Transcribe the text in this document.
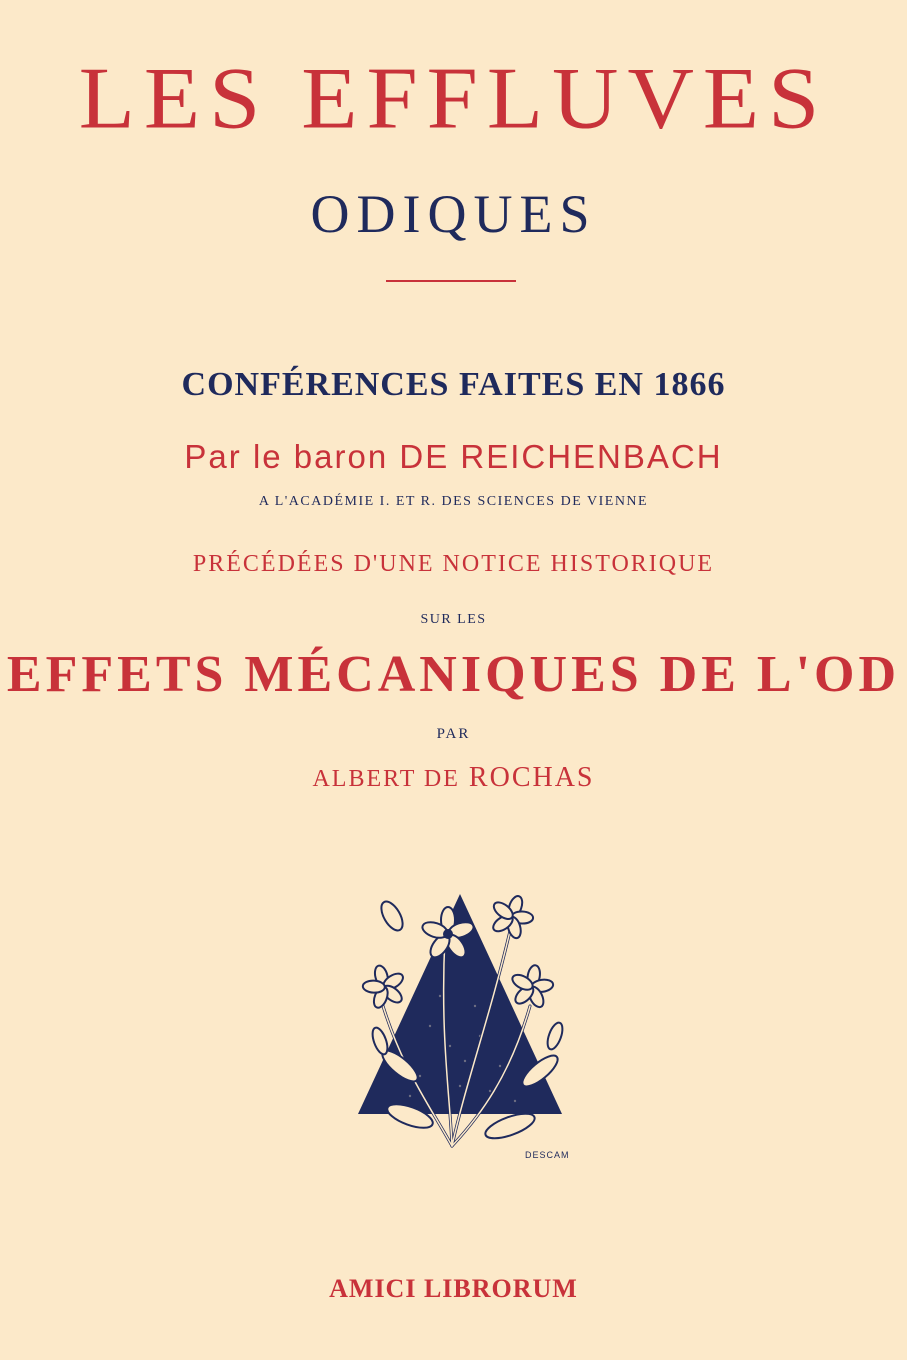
LES EFFLUVES
ODIQUES
CONFÉRENCES FAITES EN 1866
Par le baron DE REICHENBACH
A L'ACADÉMIE I. ET R. DES SCIENCES DE VIENNE
PRÉCÉDÉES D'UNE NOTICE HISTORIQUE
SUR LES
EFFETS MÉCANIQUES DE L'OD
PAR
ALBERT DE ROCHAS
DESCAM
AMICI LIBRORUM
